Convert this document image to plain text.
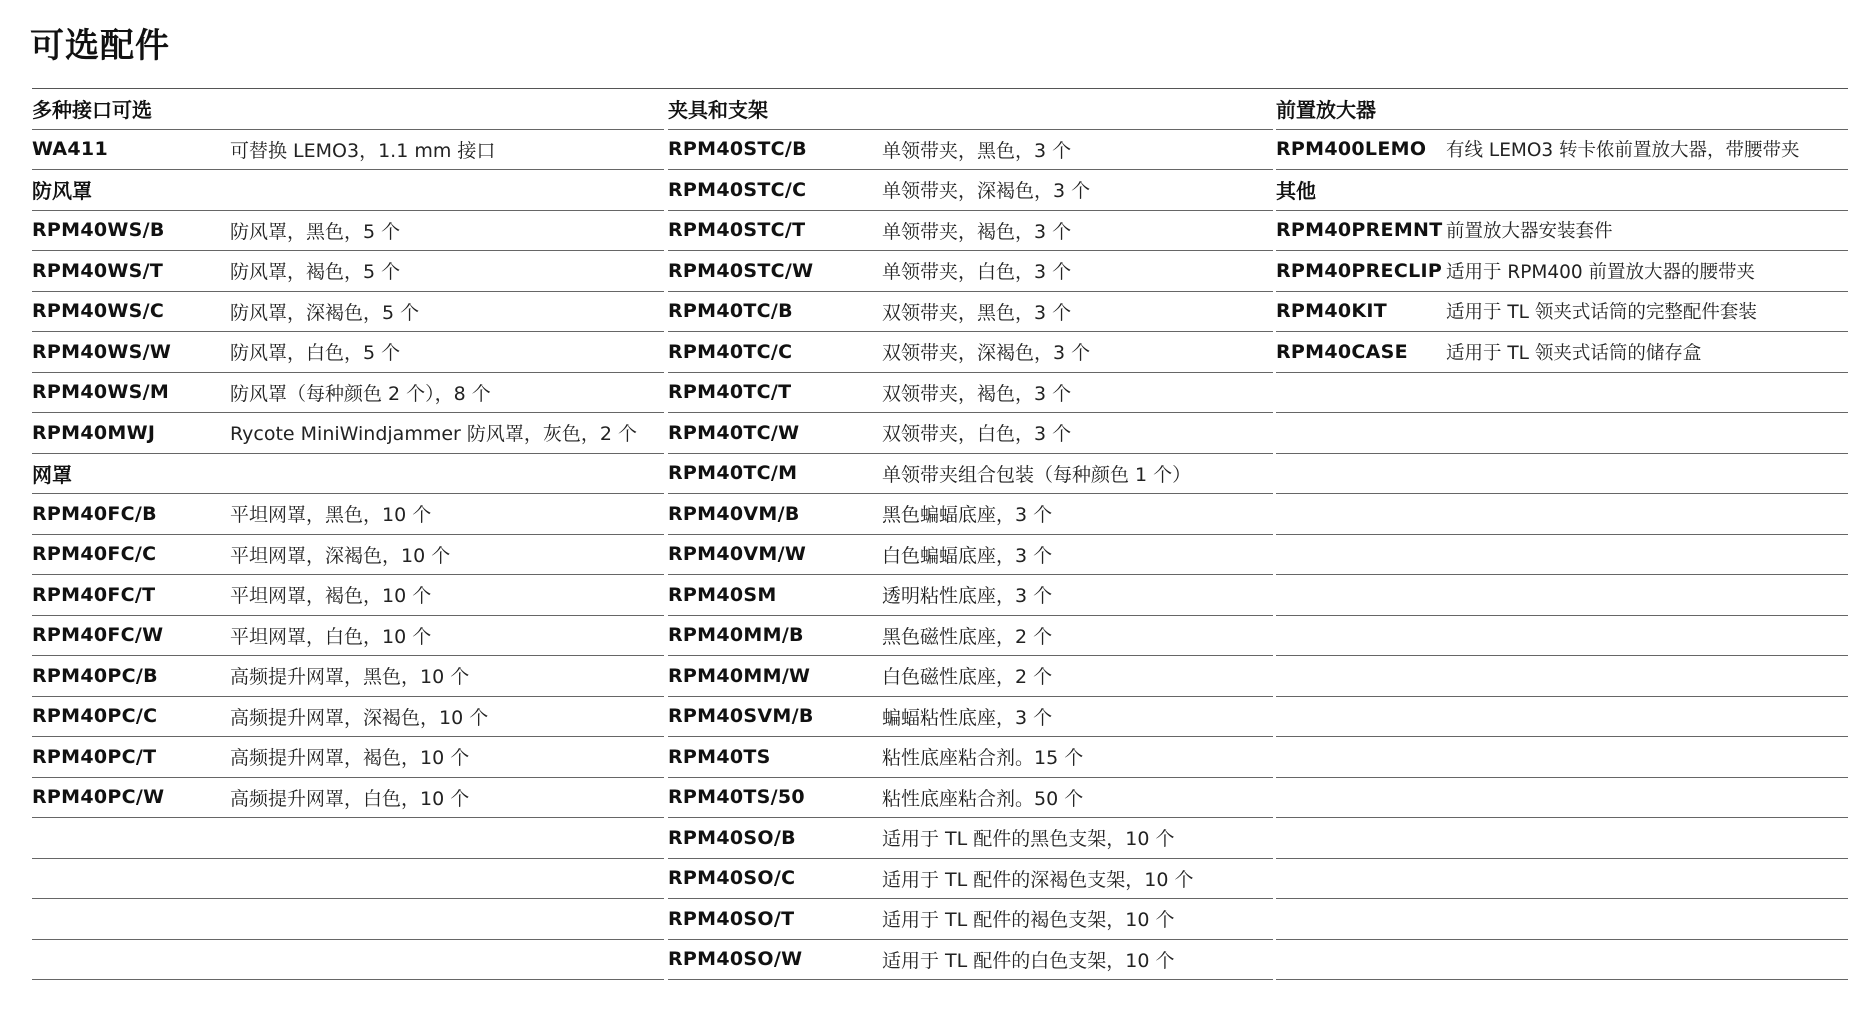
可选配件
多种接口可选
WA411	可替换 LEMO3，1.1 mm 接口
防风罩
RPM40WS/B	防风罩，黑色，5 个
RPM40WS/T	防风罩，褐色，5 个
RPM40WS/C	防风罩，深褐色，5 个
RPM40WS/W	防风罩，白色，5 个
RPM40WS/M	防风罩（每种颜色 2 个），8 个
RPM40MWJ	Rycote MiniWindjammer 防风罩，灰色，2 个
网罩
RPM40FC/B	平坦网罩，黑色，10 个
RPM40FC/C	平坦网罩，深褐色，10 个
RPM40FC/T	平坦网罩，褐色，10 个
RPM40FC/W	平坦网罩，白色，10 个
RPM40PC/B	高频提升网罩，黑色，10 个
RPM40PC/C	高频提升网罩，深褐色，10 个
RPM40PC/T	高频提升网罩，褐色，10 个
RPM40PC/W	高频提升网罩，白色，10 个
夹具和支架
RPM40STC/B	单领带夹，黑色，3 个
RPM40STC/C	单领带夹，深褐色，3 个
RPM40STC/T	单领带夹，褐色，3 个
RPM40STC/W	单领带夹，白色，3 个
RPM40TC/B	双领带夹，黑色，3 个
RPM40TC/C	双领带夹，深褐色，3 个
RPM40TC/T	双领带夹，褐色，3 个
RPM40TC/W	双领带夹，白色，3 个
RPM40TC/M	单领带夹组合包装（每种颜色 1 个）
RPM40VM/B	黑色蝙蝠底座，3 个
RPM40VM/W	白色蝙蝠底座，3 个
RPM40SM	透明粘性底座，3 个
RPM40MM/B	黑色磁性底座，2 个
RPM40MM/W	白色磁性底座，2 个
RPM40SVM/B	蝙蝠粘性底座，3 个
RPM40TS	粘性底座粘合剂。15 个
RPM40TS/50	粘性底座粘合剂。50 个
RPM40SO/B	适用于 TL 配件的黑色支架，10 个
RPM40SO/C	适用于 TL 配件的深褐色支架，10 个
RPM40SO/T	适用于 TL 配件的褐色支架，10 个
RPM40SO/W	适用于 TL 配件的白色支架，10 个
前置放大器
RPM400LEMO	有线 LEMO3 转卡侬前置放大器，带腰带夹
其他
RPM40PREMNT 前置放大器安装套件
RPM40PRECLIP 适用于 RPM400 前置放大器的腰带夹
RPM40KIT	适用于 TL 领夹式话筒的完整配件套装
RPM40CASE	适用于 TL 领夹式话筒的储存盒
